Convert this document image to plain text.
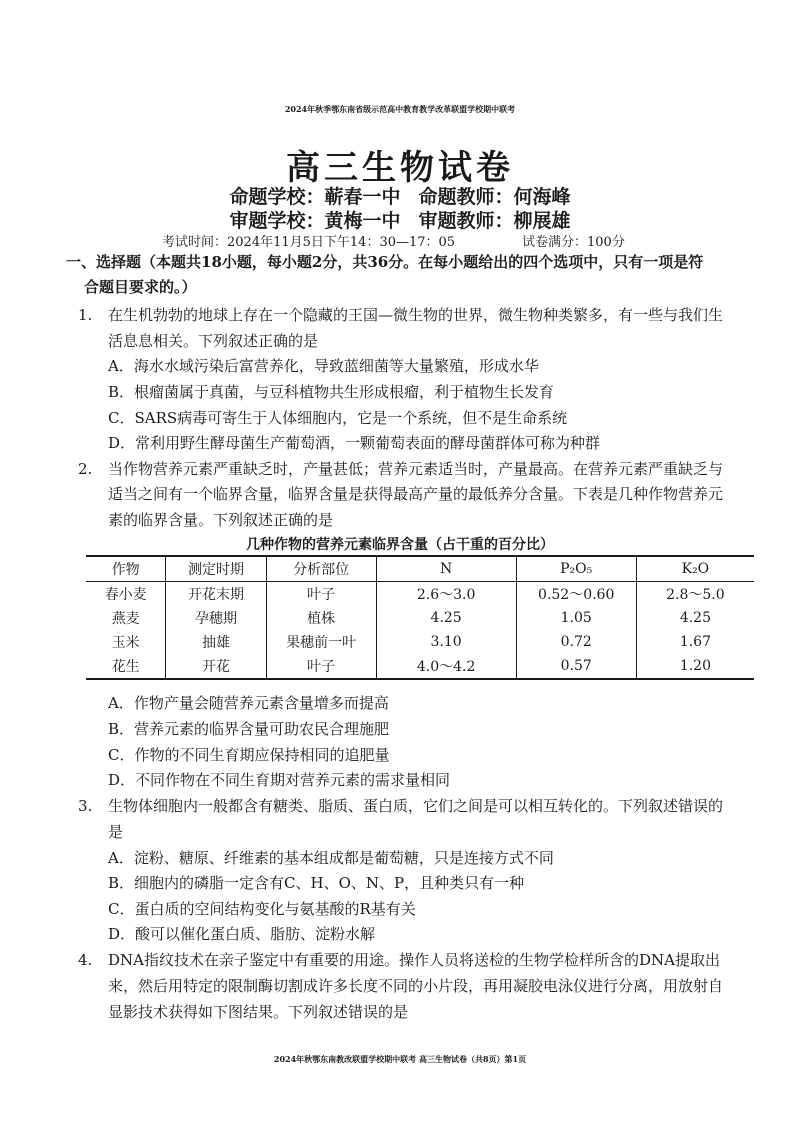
2024年秋季鄂东南省级示范高中教育教学改革联盟学校期中联考
高三生物试卷
命题学校：蕲春一中 命题教师：何海峰
审题学校：黄梅一中 审题教师：柳展雄
考试时间：2024年11月5日下午14：30—17：05	试卷满分：100分
一、选择题（本题共18小题，每小题2分，共36分。在每小题给出的四个选项中，只有一项是符
合题目要求的。）
1. 在生机勃勃的地球上存在一个隐藏的王国—微生物的世界，微生物种类繁多，有一些与我们生
活息息相关。下列叙述正确的是
A．海水水域污染后富营养化，导致蓝细菌等大量繁殖，形成水华
B．根瘤菌属于真菌，与豆科植物共生形成根瘤，利于植物生长发育
C．SARS病毒可寄生于人体细胞内，它是一个系统，但不是生命系统
D．常利用野生酵母菌生产葡萄酒，一颗葡萄表面的酵母菌群体可称为种群
2. 当作物营养元素严重缺乏时，产量甚低；营养元素适当时，产量最高。在营养元素严重缺乏与
适当之间有一个临界含量，临界含量是获得最高产量的最低养分含量。下表是几种作物营养元
素的临界含量。下列叙述正确的是
几种作物的营养元素临界含量（占干重的百分比）
作物	测定时期	分析部位	N	P₂O₅	K₂O
春小麦	开花末期	叶子	2.6～3.0	0.52～0.60	2.8～5.0
燕麦	孕穗期	植株	4.25	1.05	4.25
玉米	抽雄	果穗前一叶	3.10	0.72	1.67
花生	开花	叶子	4.0～4.2	0.57	1.20
A．作物产量会随营养元素含量增多而提高
B．营养元素的临界含量可助农民合理施肥
C．作物的不同生育期应保持相同的追肥量
D．不同作物在不同生育期对营养元素的需求量相同
3. 生物体细胞内一般都含有糖类、脂质、蛋白质，它们之间是可以相互转化的。下列叙述错误的
是
A．淀粉、糖原、纤维素的基本组成都是葡萄糖，只是连接方式不同
B．细胞内的磷脂一定含有C、H、O、N、P，且种类只有一种
C．蛋白质的空间结构变化与氨基酸的R基有关
D．酸可以催化蛋白质、脂肪、淀粉水解
4. DNA指纹技术在亲子鉴定中有重要的用途。操作人员将送检的生物学检样所含的DNA提取出
来，然后用特定的限制酶切割成许多长度不同的小片段，再用凝胶电泳仪进行分离，用放射自
显影技术获得如下图结果。下列叙述错误的是
2024年秋鄂东南教改联盟学校期中联考 高三生物试卷（共8页）第1页
